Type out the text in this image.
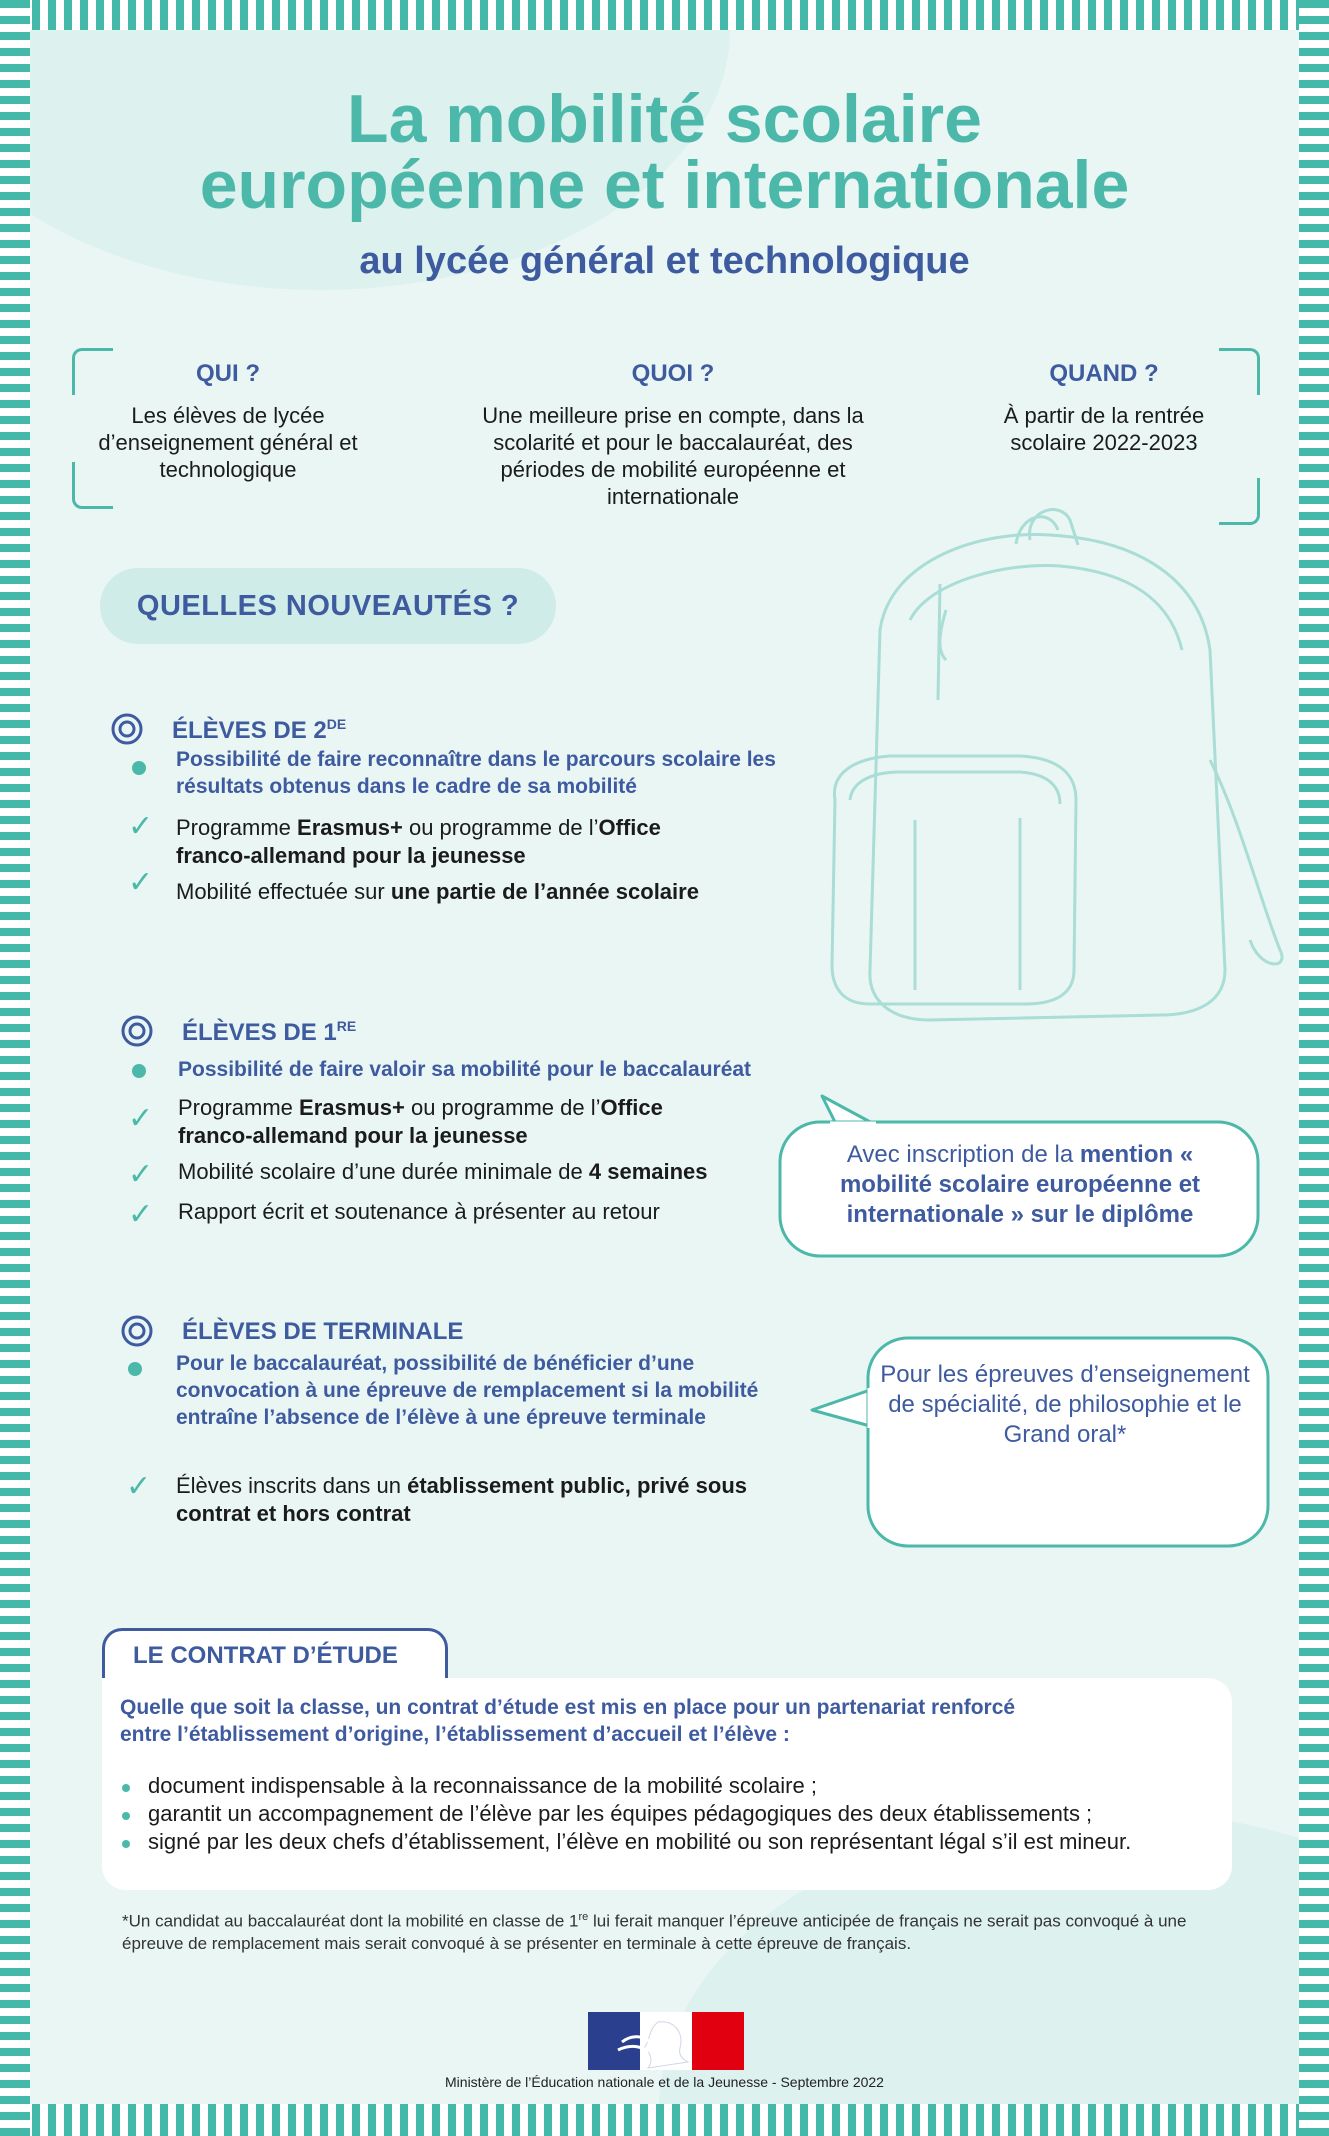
La mobilité scolaire
européenne et internationale
au lycée général et technologique
QUI ?
Les élèves de lycée d’enseignement général et technologique
QUOI ?
Une meilleure prise en compte, dans la scolarité et pour le baccalauréat, des périodes de mobilité européenne et internationale
QUAND ?
À partir de la rentrée scolaire 2022-2023
QUELLES NOUVEAUTÉS ?
ÉLÈVES DE 2DE
Possibilité de faire reconnaître dans le parcours scolaire les résultats obtenus dans le cadre de sa mobilité
✓ Programme Erasmus+ ou programme de l’Office franco-allemand pour la jeunesse
✓ Mobilité effectuée sur une partie de l’année scolaire
ÉLÈVES DE 1RE
Possibilité de faire valoir sa mobilité pour le baccalauréat
✓ Programme Erasmus+ ou programme de l’Office franco-allemand pour la jeunesse
✓ Mobilité scolaire d’une durée minimale de 4 semaines
✓ Rapport écrit et soutenance à présenter au retour
Avec inscription de la mention « mobilité scolaire européenne et internationale » sur le diplôme
ÉLÈVES DE TERMINALE
Pour le baccalauréat, possibilité de bénéficier d’une convocation à une épreuve de remplacement si la mobilité entraîne l’absence de l’élève à une épreuve terminale
✓ Élèves inscrits dans un établissement public, privé sous contrat et hors contrat
Pour les épreuves d’enseignement de spécialité, de philosophie et le Grand oral*
LE CONTRAT D’ÉTUDE
Quelle que soit la classe, un contrat d’étude est mis en place pour un partenariat renforcé entre l’établissement d’origine, l’établissement d’accueil et l’élève :
document indispensable à la reconnaissance de la mobilité scolaire ;
garantit un accompagnement de l’élève par les équipes pédagogiques des deux établissements ;
signé par les deux chefs d’établissement, l’élève en mobilité ou son représentant légal s’il est mineur.
*Un candidat au baccalauréat dont la mobilité en classe de 1re lui ferait manquer l’épreuve anticipée de français ne serait pas convoqué à une épreuve de remplacement mais serait convoqué à se présenter en terminale à cette épreuve de français.
Ministère de l’Éducation nationale et de la Jeunesse - Septembre 2022
